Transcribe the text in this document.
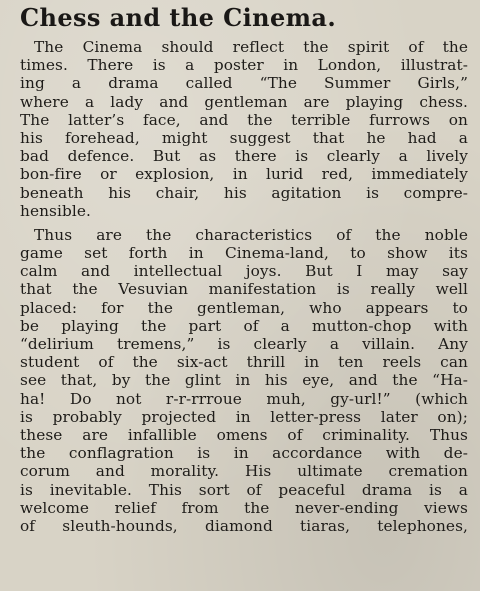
Chess and the Cinema.
The Cinema should reflect the spirit of the
times. There is a poster in London, illustrat-
ing a drama called “The Summer Girls,”
where a lady and gentleman are playing chess.
The latter’s face, and the terrible furrows on
his forehead, might suggest that he had a
bad defence. But as there is clearly a lively
bon-fire or explosion, in lurid red, immediately
beneath his chair, his agitation is compre-
hensible.
Thus are the characteristics of the noble
game set forth in Cinema-land, to show its
calm and intellectual joys. But I may say
that the Vesuvian manifestation is really well
placed: for the gentleman, who appears to
be playing the part of a mutton-chop with
“delirium tremens,” is clearly a villain. Any
student of the six-act thrill in ten reels can
see that, by the glint in his eye, and the “Ha-
ha! Do not r-r-rrroue muh, gy-url!” (which
is probably projected in letter-press later on);
these are infallible omens of criminality. Thus
the conflagration is in accordance with de-
corum and morality. His ultimate cremation
is inevitable. This sort of peaceful drama is a
welcome relief from the never-ending views
of sleuth-hounds, diamond tiaras, telephones,
